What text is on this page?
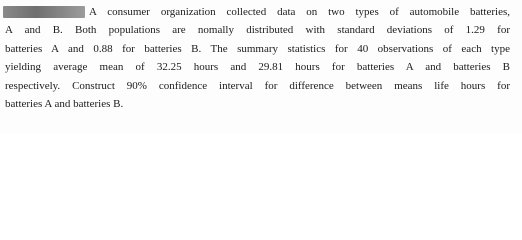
A consumer organization collected data on two types of automobile batteries,
A and B. Both populations are nomally distributed with standard deviations of 1.29 for
batteries A and 0.88 for batteries B. The summary statistics for 40 observations of each type
yielding average mean of 32.25 hours and 29.81 hours for batteries A and batteries B
respectively. Construct 90% confidence interval for difference between means life hours for
batteries A and batteries B.
